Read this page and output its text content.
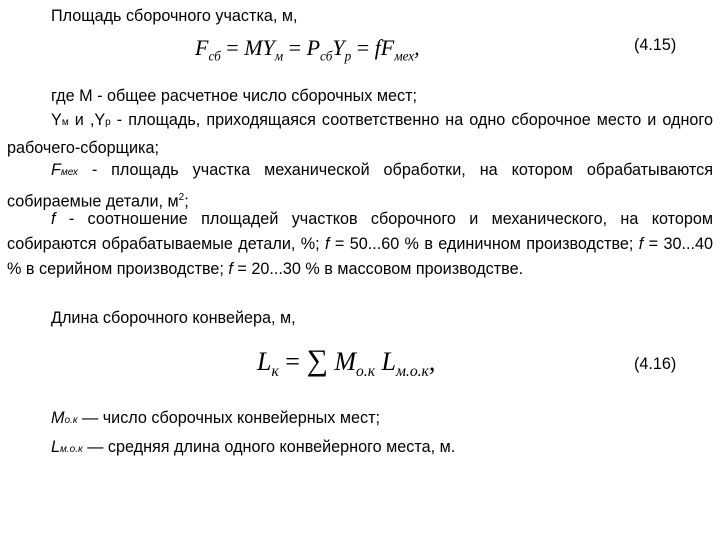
Площадь сборочного участка, м,
$F_{сб} = MY_м = P_{сб}Y_р = fF_{мех}$,	(4.15)
где M - общее расчетное число сборочных мест;
Yм и ,Yр - площадь, приходящаяся соответственно на одно сборочное место и одного рабочего-сборщика;
Fмех - площадь участка механической обработки, на котором обрабатываются собираемые детали, $м^2$;
f - соотношение площадей участков сборочного и механического, на котором собираются обрабатываемые детали, %; f = 50...60 % в единичном производстве; f = 30...40 % в серийном производстве; f = 20...30 % в массовом производстве.
Длина сборочного конвейера, м,
$L_к$ = ∑ $M_{о.к}$ $L_{м.о.к}$,	(4.16)
Mо.к — число сборочных конвейерных мест;
Lм.о.к — средняя длина одного конвейерного места, м.
